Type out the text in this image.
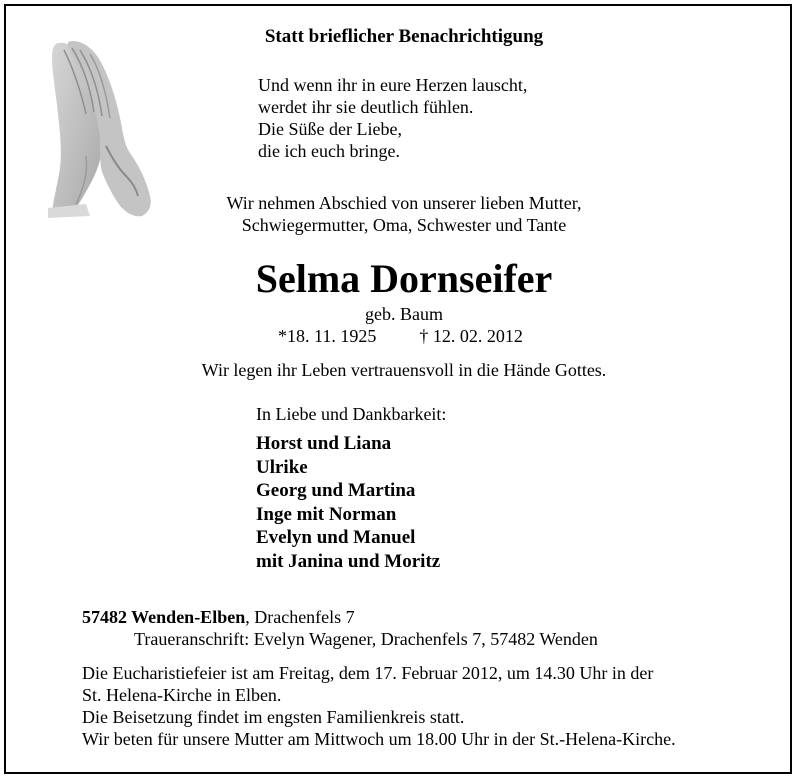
Statt brieflicher Benachrichtigung
Und wenn ihr in eure Herzen lauscht,
werdet ihr sie deutlich fühlen.
Die Süße der Liebe,
die ich euch bringe.
Wir nehmen Abschied von unserer lieben Mutter,
Schwiegermutter, Oma, Schwester und Tante
Selma Dornseifer
geb. Baum
*18. 11. 1925 † 12. 02. 2012
Wir legen ihr Leben vertrauensvoll in die Hände Gottes.
In Liebe und Dankbarkeit:
Horst und Liana
Ulrike
Georg und Martina
Inge mit Norman
Evelyn und Manuel
mit Janina und Moritz
57482 Wenden-Elben, Drachenfels 7
Traueranschrift: Evelyn Wagener, Drachenfels 7, 57482 Wenden
Die Eucharistiefeier ist am Freitag, dem 17. Februar 2012, um 14.30 Uhr in der
St. Helena-Kirche in Elben.
Die Beisetzung findet im engsten Familienkreis statt.
Wir beten für unsere Mutter am Mittwoch um 18.00 Uhr in der St.-Helena-Kirche.
